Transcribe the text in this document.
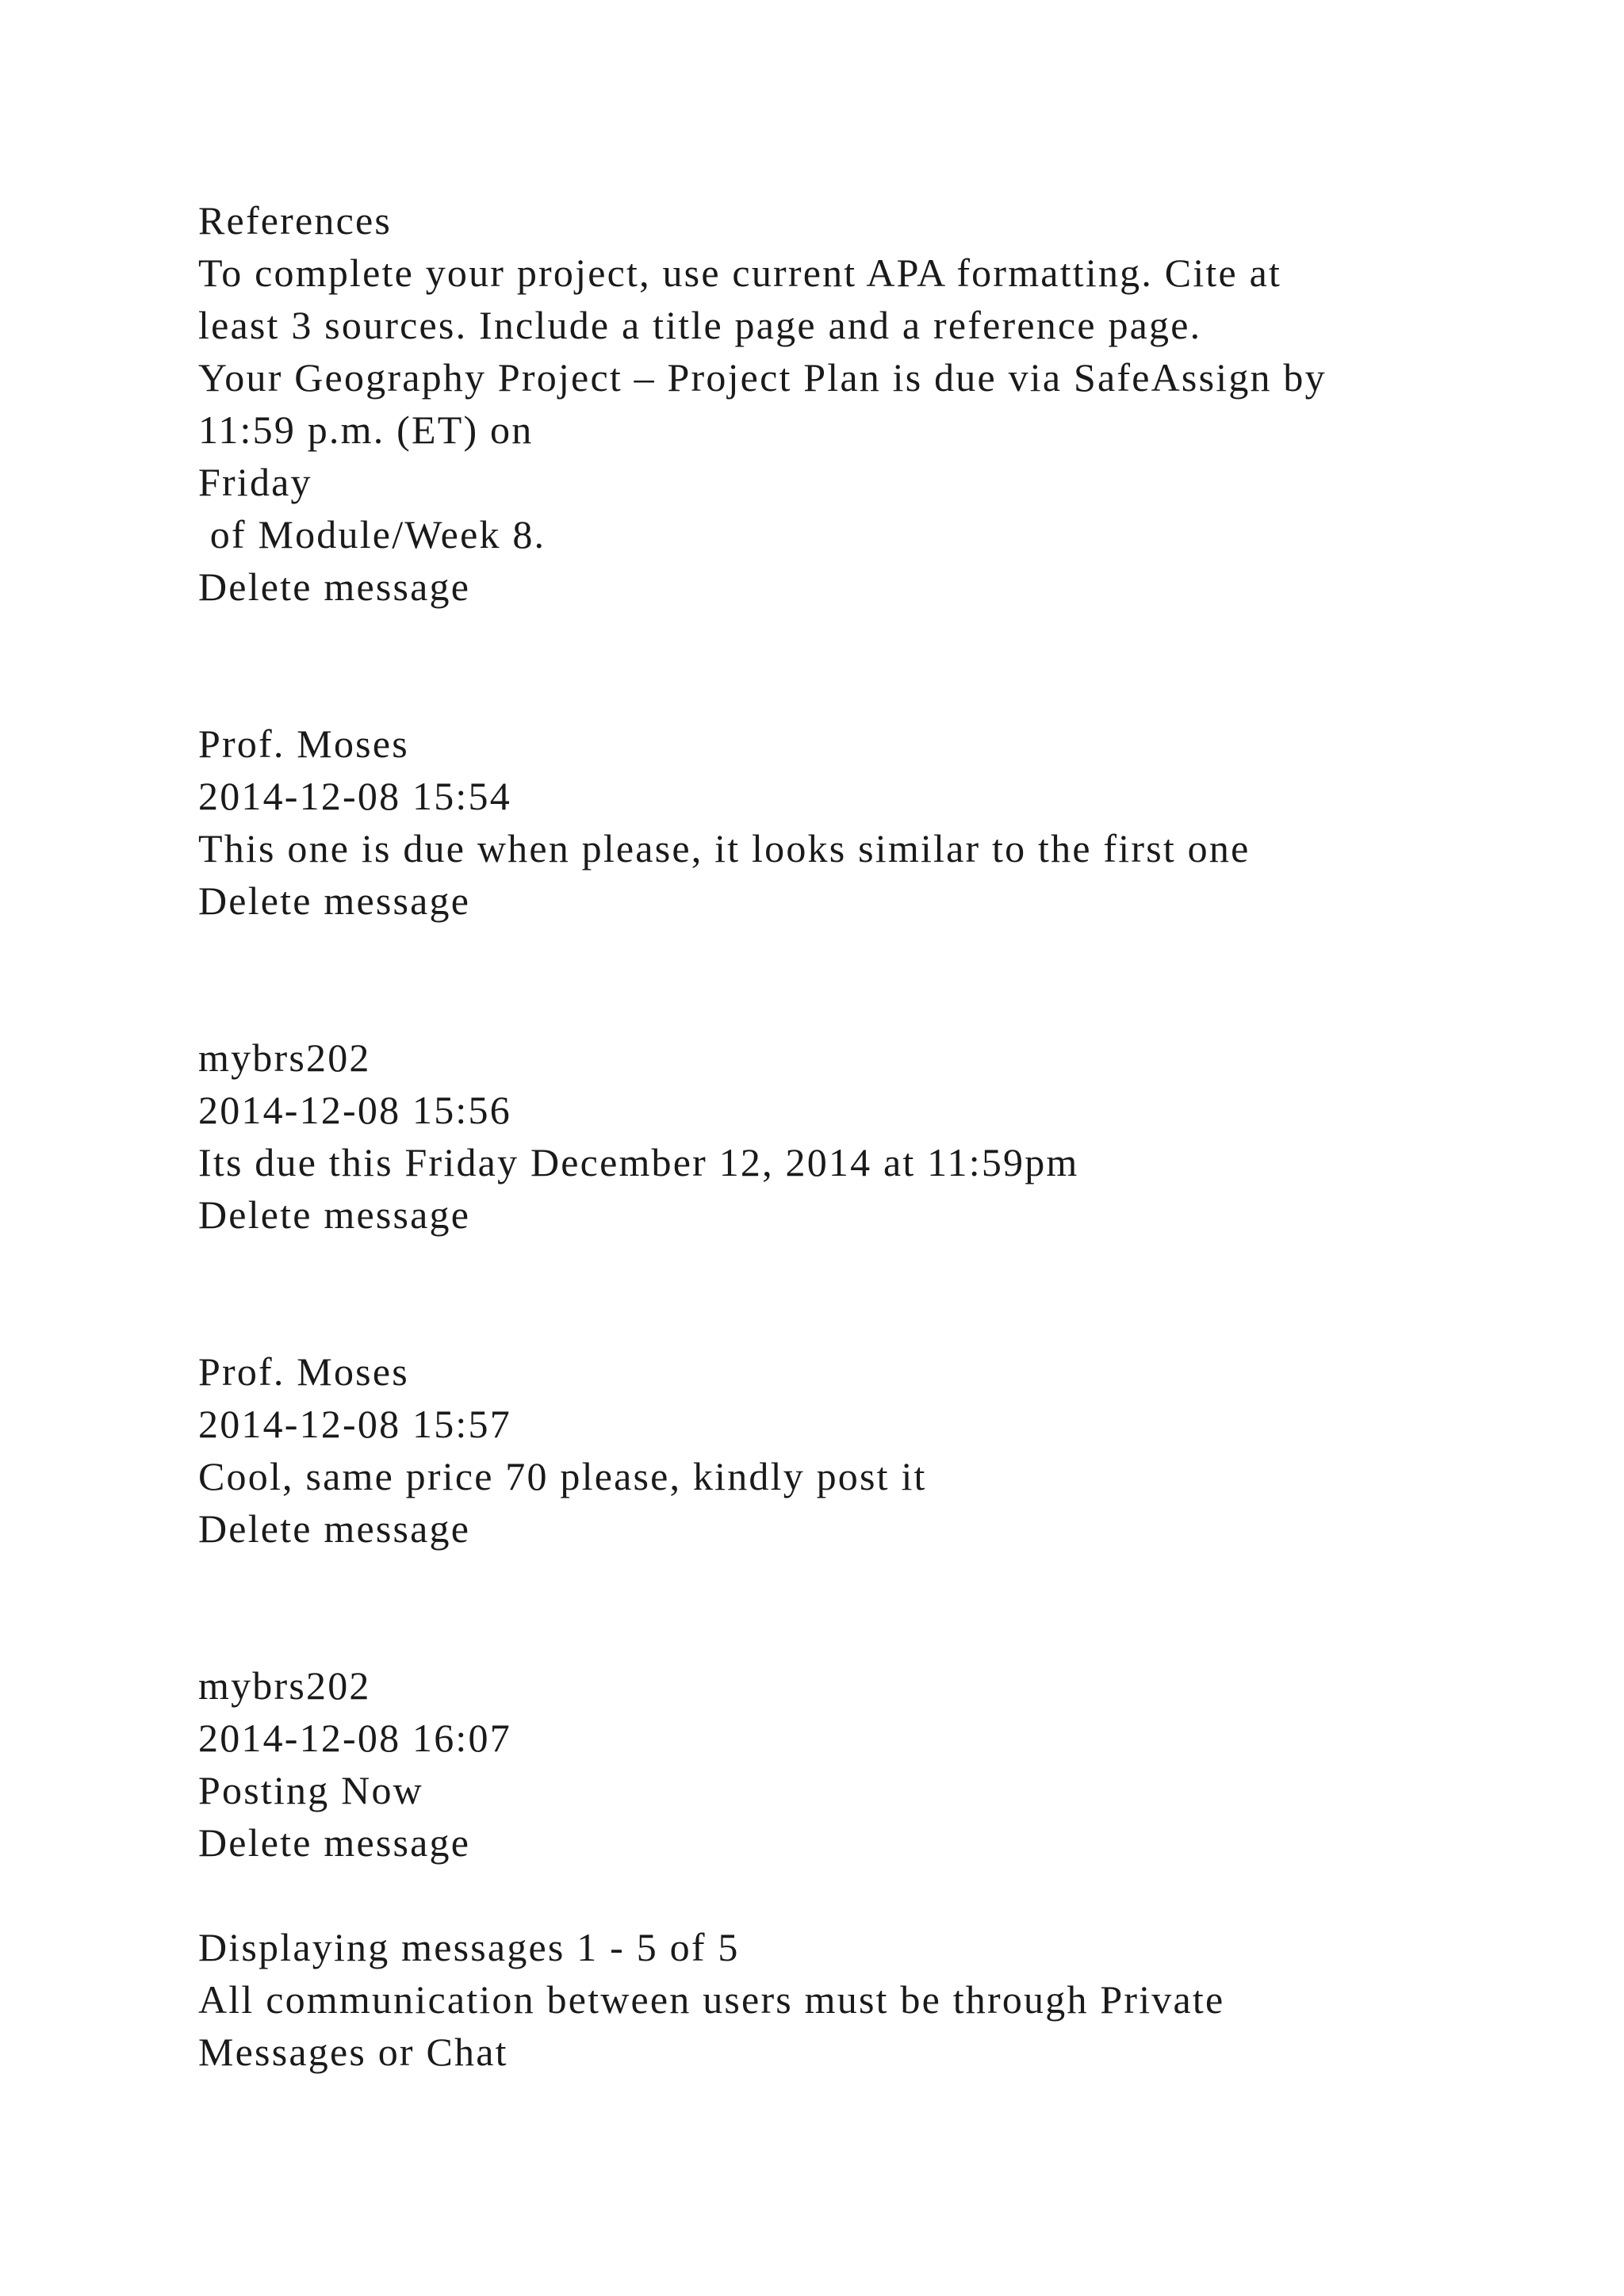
References
To complete your project, use current APA formatting. Cite at
least 3 sources. Include a title page and a reference page.
Your Geography Project – Project Plan is due via SafeAssign by
11:59 p.m. (ET) on
Friday
of Module/Week 8.
Delete message
Prof. Moses
2014-12-08 15:54
This one is due when please, it looks similar to the first one
Delete message
mybrs202
2014-12-08 15:56
Its due this Friday December 12, 2014 at 11:59pm
Delete message
Prof. Moses
2014-12-08 15:57
Cool, same price 70 please, kindly post it
Delete message
mybrs202
2014-12-08 16:07
Posting Now
Delete message
Displaying messages 1 - 5 of 5
All communication between users must be through Private
Messages or Chat
